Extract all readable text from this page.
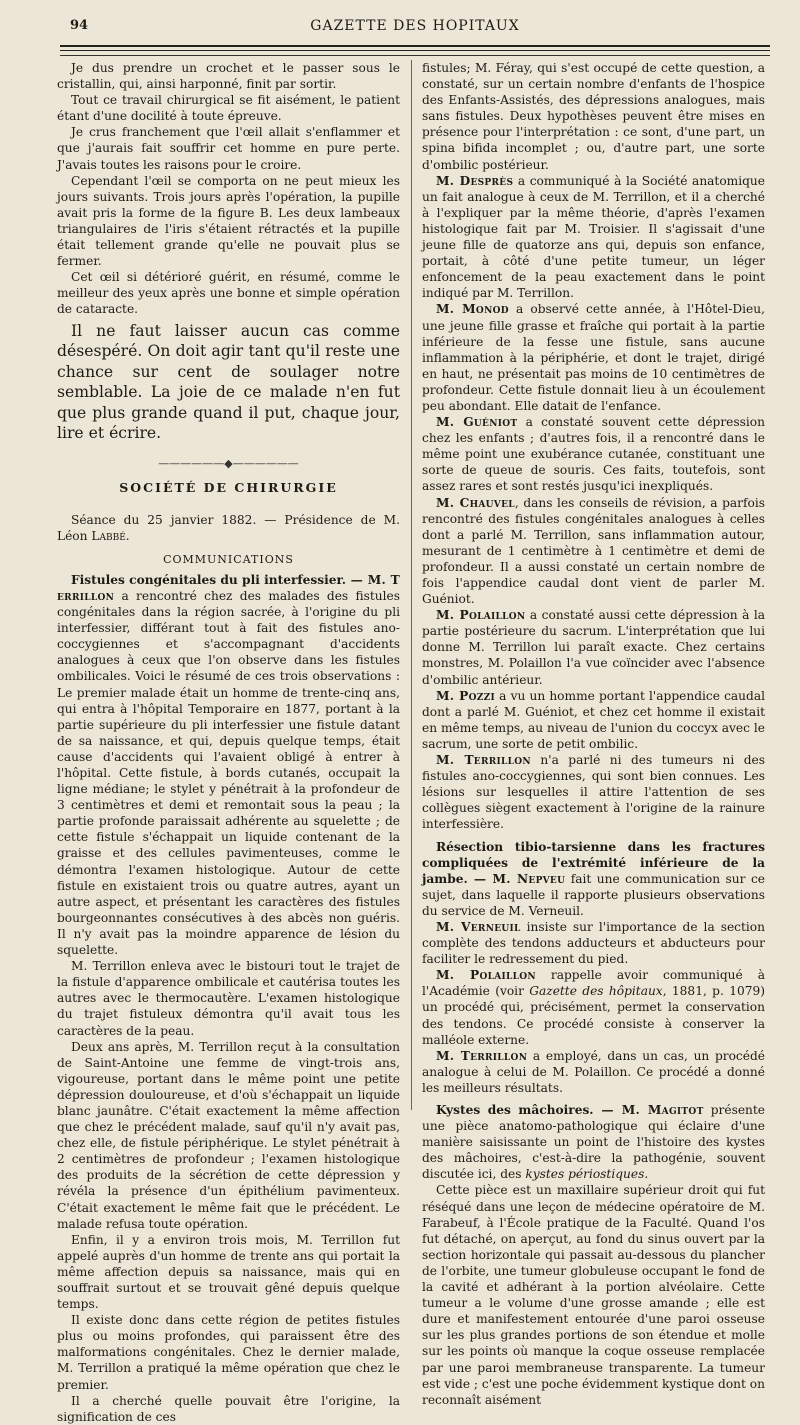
94	GAZETTE DES HOPITAUX

Je dus prendre un crochet et le passer sous le cristallin, qui, ainsi harponné, finit par sortir.

Tout ce travail chirurgical se fit aisément, le patient étant d'une docilité à toute épreuve.

Je crus franchement que l'œil allait s'enflammer et que j'aurais fait souffrir cet homme en pure perte. J'avais toutes les raisons pour le croire.

Cependant l'œil se comporta on ne peut mieux les jours suivants. Trois jours après l'opération, la pupille avait pris la forme de la figure B. Les deux lambeaux triangulaires de l'iris s'étaient rétractés et la pupille était tellement grande qu'elle ne pouvait plus se fermer.

Cet œil si détérioré guérit, en résumé, comme le meilleur des yeux après une bonne et simple opération de cataracte.

Il ne faut laisser aucun cas comme désespéré. On doit agir tant qu'il reste une chance sur cent de soulager notre semblable. La joie de ce malade n'en fut que plus grande quand il put, chaque jour, lire et écrire.

——————◆——————
SOCIÉTÉ DE CHIRURGIE

Séance du 25 janvier 1882. — Présidence de M. Léon Labbé.

COMMUNICATIONS

Fistules congénitales du pli interfessier. — M. T errillon a rencontré chez des malades des fistules congénitales dans la région sacrée, à l'origine du pli interfessier, différant tout à fait des fistules ano-coccygiennes et s'accompagnant d'accidents analogues à ceux que l'on observe dans les fistules ombilicales. Voici le résumé de ces trois observations : Le premier malade était un homme de trente-cinq ans, qui entra à l'hôpital Temporaire en 1877, portant à la partie supérieure du pli interfessier une fistule datant de sa naissance, et qui, depuis quelque temps, était cause d'accidents qui l'avaient obligé à entrer à l'hôpital. Cette fistule, à bords cutanés, occupait la ligne médiane; le stylet y pénétrait à la profondeur de 3 centimètres et demi et remontait sous la peau ; la partie profonde paraissait adhérente au squelette ; de cette fistule s'échappait un liquide contenant de la graisse et des cellules pavimenteuses, comme le démontra l'examen histologique. Autour de cette fistule en existaient trois ou quatre autres, ayant un autre aspect, et présentant les caractères des fistules bourgeonnantes consécutives à des abcès non guéris. Il n'y avait pas la moindre apparence de lésion du squelette.

M. Terrillon enleva avec le bistouri tout le trajet de la fistule d'apparence ombilicale et cautérisa toutes les autres avec le thermocautère. L'examen histologique du trajet fistuleux démontra qu'il avait tous les caractères de la peau.

Deux ans après, M. Terrillon reçut à la consultation de Saint-Antoine une femme de vingt-trois ans, vigoureuse, portant dans le même point une petite dépression douloureuse, et d'où s'échappait un liquide blanc jaunâtre. C'était exactement la même affection que chez le précédent malade, sauf qu'il n'y avait pas, chez elle, de fistule périphérique. Le stylet pénétrait à 2 centimètres de profondeur ; l'examen histologique des produits de la sécrétion de cette dépression y révéla la présence d'un épithélium pavimenteux. C'était exactement le même fait que le précédent. Le malade refusa toute opération.

Enfin, il y a environ trois mois, M. Terrillon fut appelé auprès d'un homme de trente ans qui portait la même affection depuis sa naissance, mais qui en souffrait surtout et se trouvait gêné depuis quelque temps.

Il existe donc dans cette région de petites fistules plus ou moins profondes, qui paraissent être des malformations congénitales. Chez le dernier malade, M. Terrillon a pratiqué la même opération que chez le premier.

Il a cherché quelle pouvait être l'origine, la signification de ces

fistules; M. Féray, qui s'est occupé de cette question, a constaté, sur un certain nombre d'enfants de l'hospice des Enfants-Assistés, des dépressions analogues, mais sans fistules. Deux hypothèses peuvent être mises en présence pour l'interprétation : ce sont, d'une part, un spina bifida incomplet ; ou, d'autre part, une sorte d'ombilic postérieur.

M. Desprès a communiqué à la Société anatomique un fait analogue à ceux de M. Terrillon, et il a cherché à l'expliquer par la même théorie, d'après l'examen histologique fait par M. Troisier. Il s'agissait d'une jeune fille de quatorze ans qui, depuis son enfance, portait, à côté d'une petite tumeur, un léger enfoncement de la peau exactement dans le point indiqué par M. Terrillon.

M. Monod a observé cette année, à l'Hôtel-Dieu, une jeune fille grasse et fraîche qui portait à la partie inférieure de la fesse une fistule, sans aucune inflammation à la périphérie, et dont le trajet, dirigé en haut, ne présentait pas moins de 10 centimètres de profondeur. Cette fistule donnait lieu à un écoulement peu abondant. Elle datait de l'enfance.

M. Guéniot a constaté souvent cette dépression chez les enfants ; d'autres fois, il a rencontré dans le même point une exubérance cutanée, constituant une sorte de queue de souris. Ces faits, toutefois, sont assez rares et sont restés jusqu'ici inexpliqués.

M. Chauvel, dans les conseils de révision, a parfois rencontré des fistules congénitales analogues à celles dont a parlé M. Terrillon, sans inflammation autour, mesurant de 1 centimètre à 1 centimètre et demi de profondeur. Il a aussi constaté un certain nombre de fois l'appendice caudal dont vient de parler M. Guéniot.

M. Polaillon a constaté aussi cette dépression à la partie postérieure du sacrum. L'interprétation que lui donne M. Terrillon lui paraît exacte. Chez certains monstres, M. Polaillon l'a vue coïncider avec l'absence d'ombilic antérieur.

M. Pozzi a vu un homme portant l'appendice caudal dont a parlé M. Guéniot, et chez cet homme il existait en même temps, au niveau de l'union du coccyx avec le sacrum, une sorte de petit ombilic.

M. Terrillon n'a parlé ni des tumeurs ni des fistules ano-coccygiennes, qui sont bien connues. Les lésions sur lesquelles il attire l'attention de ses collègues siègent exactement à l'origine de la rainure interfessière.

Résection tibio-tarsienne dans les fractures compliquées de l'extrémité inférieure de la jambe. — M. Nepveu fait une communication sur ce sujet, dans laquelle il rapporte plusieurs observations du service de M. Verneuil.

M. Verneuil insiste sur l'importance de la section complète des tendons adducteurs et abducteurs pour faciliter le redressement du pied.

M. Polaillon rappelle avoir communiqué à l'Académie (voir Gazette des hôpitaux, 1881, p. 1079) un procédé qui, précisément, permet la conservation des tendons. Ce procédé consiste à conserver la malléole externe.

M. Terrillon a employé, dans un cas, un procédé analogue à celui de M. Polaillon. Ce procédé a donné les meilleurs résultats.

Kystes des mâchoires. — M. Magitot présente une pièce anatomo-pathologique qui éclaire d'une manière saisissante un point de l'histoire des kystes des mâchoires, c'est-à-dire la pathogénie, souvent discutée ici, des kystes périostiques.

Cette pièce est un maxillaire supérieur droit qui fut réséqué dans une leçon de médecine opératoire de M. Farabeuf, à l'École pratique de la Faculté. Quand l'os fut détaché, on aperçut, au fond du sinus ouvert par la section horizontale qui passait au-dessous du plancher de l'orbite, une tumeur globuleuse occupant le fond de la cavité et adhérant à la portion alvéolaire. Cette tumeur a le volume d'une grosse amande ; elle est dure et manifestement entourée d'une paroi osseuse sur les plus grandes portions de son étendue et molle sur les points où manque la coque osseuse remplacée par une paroi membraneuse transparente. La tumeur est vide ; c'est une poche évidemment kystique dont on reconnaît aisément
